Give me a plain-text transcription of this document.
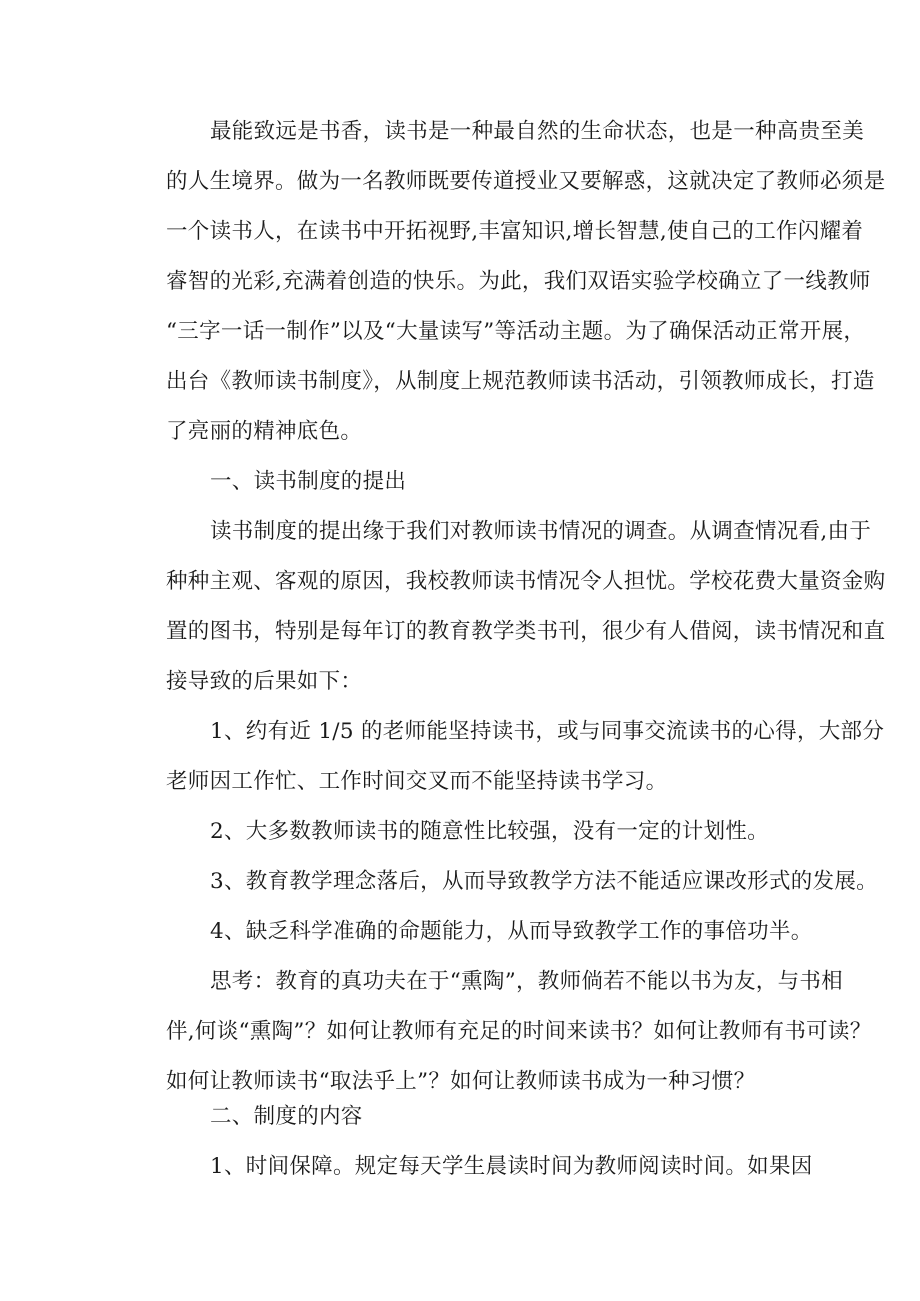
最能致远是书香，读书是一种最自然的生命状态，也是一种高贵至美
的人生境界。做为一名教师既要传道授业又要解惑，这就决定了教师必须是
一个读书人，在读书中开拓视野,丰富知识,增长智慧,使自己的工作闪耀着
睿智的光彩,充满着创造的快乐。为此，我们双语实验学校确立了一线教师
“三字一话一制作”以及“大量读写”等活动主题。为了确保活动正常开展，
出台《教师读书制度》，从制度上规范教师读书活动，引领教师成长，打造
了亮丽的精神底色。
一、读书制度的提出
读书制度的提出缘于我们对教师读书情况的调查。从调查情况看,由于
种种主观、客观的原因，我校教师读书情况令人担忧。学校花费大量资金购
置的图书，特别是每年订的教育教学类书刊，很少有人借阅，读书情况和直
接导致的后果如下：
1、约有近 1/5 的老师能坚持读书，或与同事交流读书的心得，大部分
老师因工作忙、工作时间交叉而不能坚持读书学习。
2、大多数教师读书的随意性比较强，没有一定的计划性。
3、教育教学理念落后，从而导致教学方法不能适应课改形式的发展。
4、缺乏科学准确的命题能力，从而导致教学工作的事倍功半。
思考：教育的真功夫在于“熏陶”，教师倘若不能以书为友，与书相
伴,何谈“熏陶”？如何让教师有充足的时间来读书？如何让教师有书可读？
如何让教师读书“取法乎上”？如何让教师读书成为一种习惯？
二、制度的内容
1、时间保障。规定每天学生晨读时间为教师阅读时间。如果因
